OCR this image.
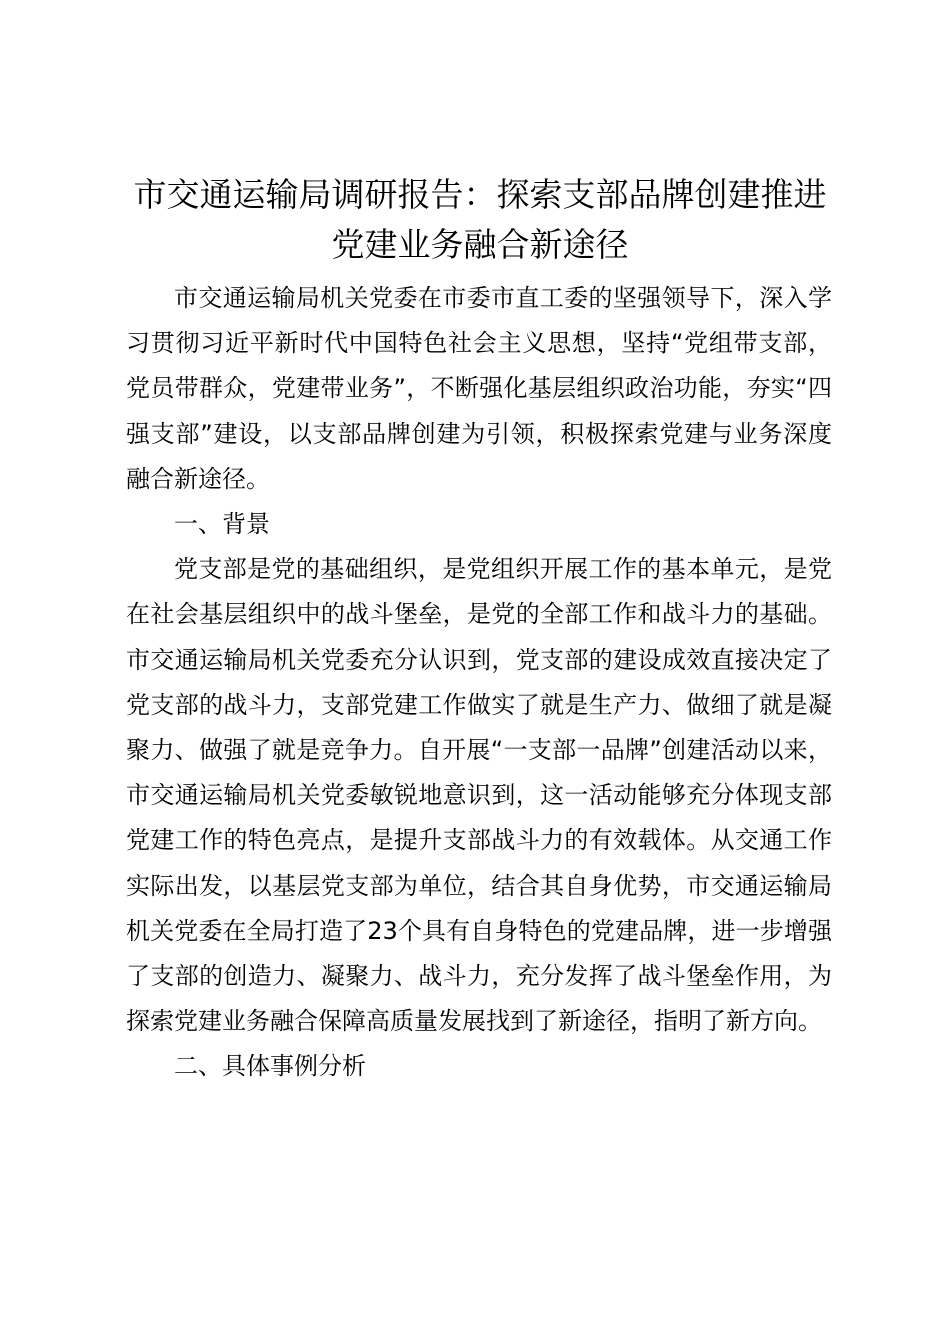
市交通运输局调研报告：探索支部品牌创建推进党建业务融合新途径

市交通运输局机关党委在市委市直工委的坚强领导下，深入学习贯彻习近平新时代中国特色社会主义思想，坚持“党组带支部，党员带群众，党建带业务”，不断强化基层组织政治功能，夯实“四强支部”建设，以支部品牌创建为引领，积极探索党建与业务深度融合新途径。

一、背景

党支部是党的基础组织，是党组织开展工作的基本单元，是党在社会基层组织中的战斗堡垒，是党的全部工作和战斗力的基础。市交通运输局机关党委充分认识到，党支部的建设成效直接决定了党支部的战斗力，支部党建工作做实了就是生产力、做细了就是凝聚力、做强了就是竞争力。自开展“一支部一品牌”创建活动以来，市交通运输局机关党委敏锐地意识到，这一活动能够充分体现支部党建工作的特色亮点，是提升支部战斗力的有效载体。从交通工作实际出发，以基层党支部为单位，结合其自身优势，市交通运输局机关党委在全局打造了23个具有自身特色的党建品牌，进一步增强了支部的创造力、凝聚力、战斗力，充分发挥了战斗堡垒作用，为探索党建业务融合保障高质量发展找到了新途径，指明了新方向。

二、具体事例分析
